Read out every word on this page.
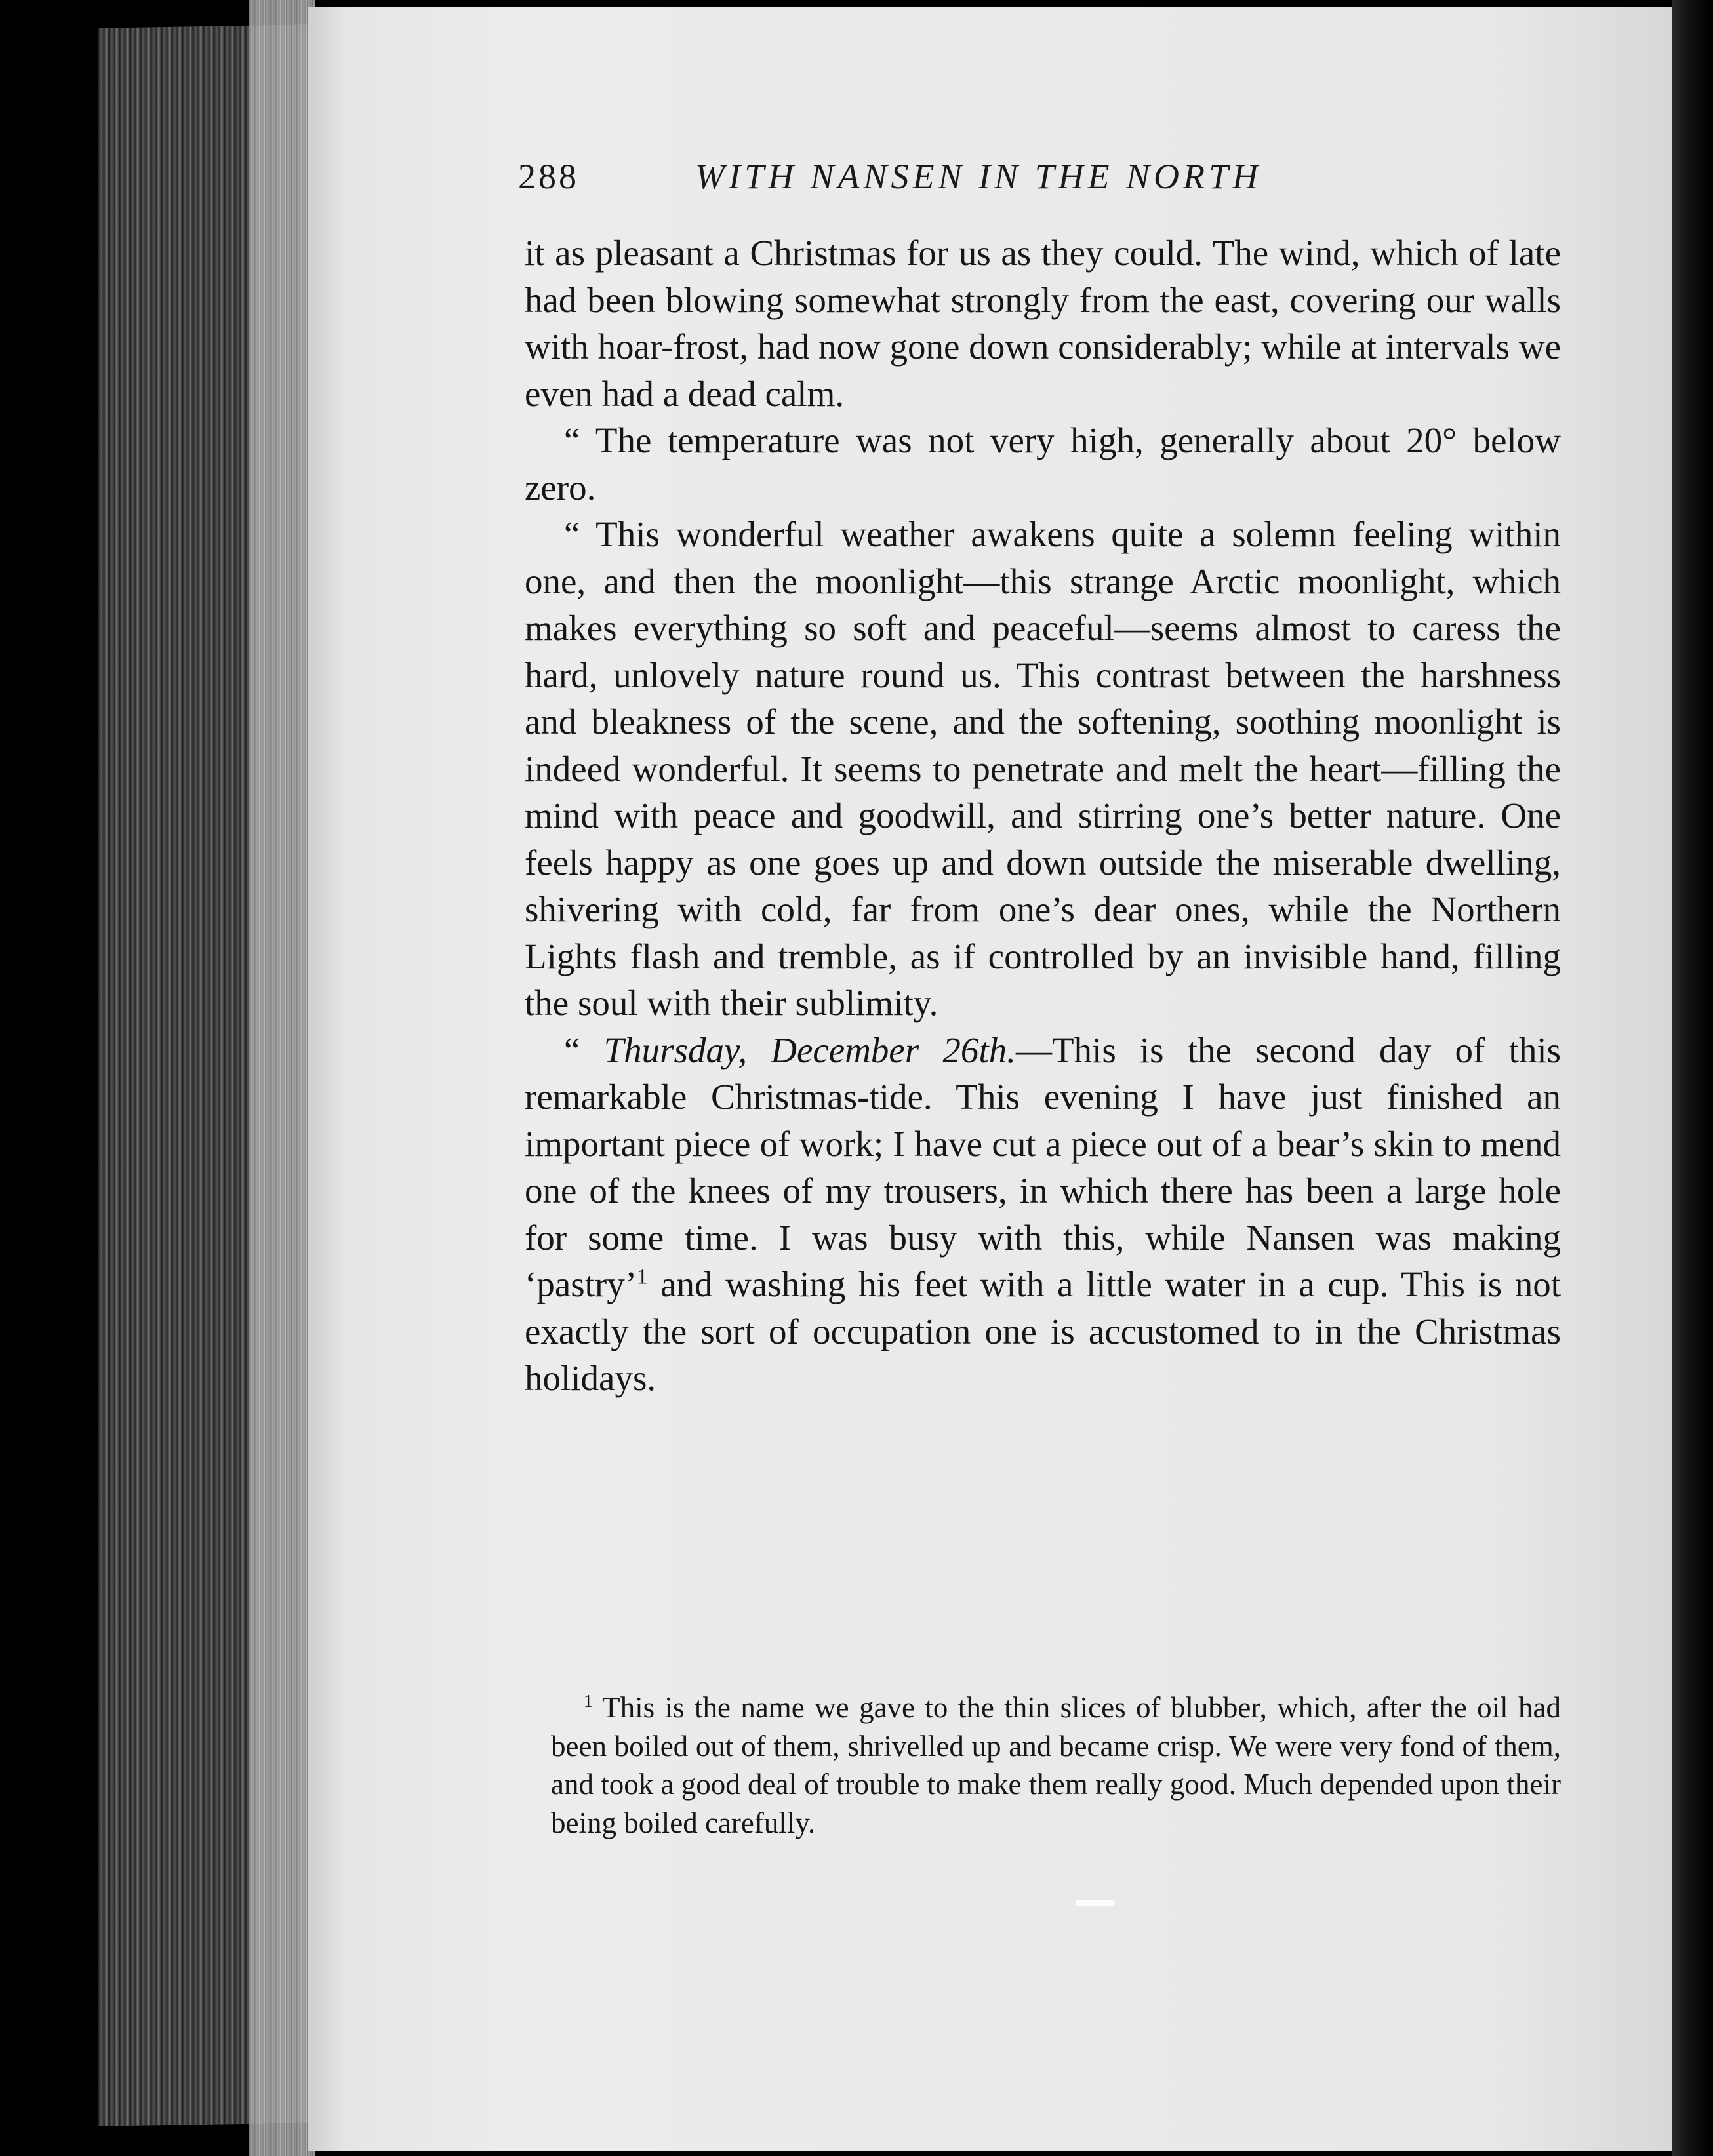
288	WITH NANSEN IN THE NORTH

it as pleasant a Christmas for us as they could. The wind, which of late had been blowing somewhat strongly from the east, covering our walls with hoar-frost, had now gone down considerably; while at intervals we even had a dead calm.

“ The temperature was not very high, generally about 20° below zero.

“ This wonderful weather awakens quite a solemn feeling within one, and then the moonlight—this strange Arctic moonlight, which makes everything so soft and peaceful—seems almost to caress the hard, unlovely nature round us. This contrast between the harshness and bleakness of the scene, and the softening, soothing moonlight is indeed wonderful. It seems to penetrate and melt the heart—filling the mind with peace and goodwill, and stirring one’s better nature. One feels happy as one goes up and down outside the miserable dwelling, shivering with cold, far from one’s dear ones, while the Northern Lights flash and tremble, as if controlled by an invisible hand, filling the soul with their sublimity.

“ Thursday, December 26th.—This is the second day of this remarkable Christmas-tide. This evening I have just finished an important piece of work; I have cut a piece out of a bear’s skin to mend one of the knees of my trousers, in which there has been a large hole for some time. I was busy with this, while Nansen was making ‘pastry’$^1$ and washing his feet with a little water in a cup. This is not exactly the sort of occupation one is accustomed to in the Christmas holidays.

$^1$ This is the name we gave to the thin slices of blubber, which, after the oil had been boiled out of them, shrivelled up and became crisp. We were very fond of them, and took a good deal of trouble to make them really good. Much depended upon their being boiled carefully.
